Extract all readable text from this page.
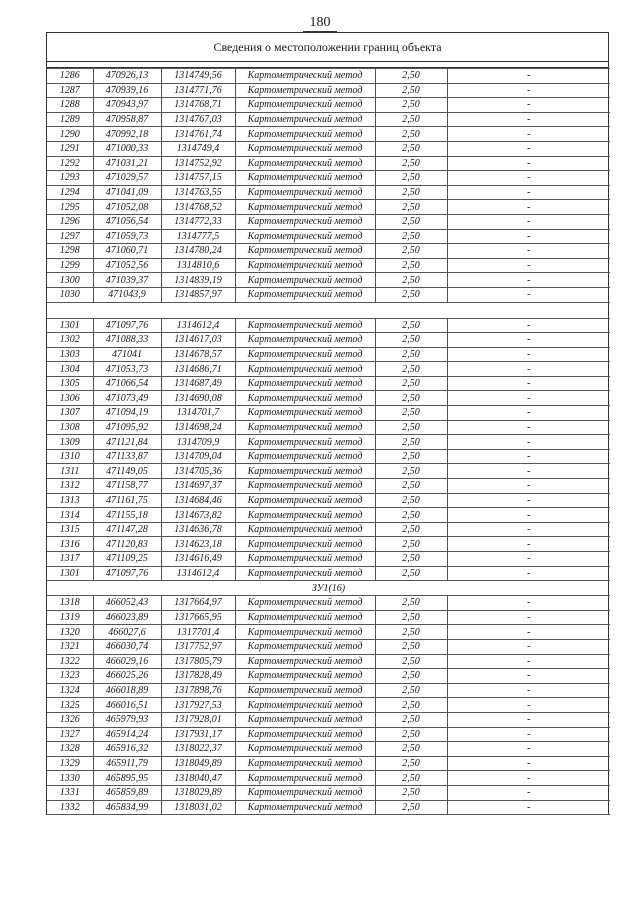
180
Сведения о местоположении границ объекта
1286	470926,13	1314749,56	Картометрический метод	2,50	-
1287	470939,16	1314771,76	Картометрический метод	2,50	-
1288	470943,97	1314768,71	Картометрический метод	2,50	-
1289	470958,87	1314767,03	Картометрический метод	2,50	-
1290	470992,18	1314761,74	Картометрический метод	2,50	-
1291	471000,33	1314749,4	Картометрический метод	2,50	-
1292	471031,21	1314752,92	Картометрический метод	2,50	-
1293	471029,57	1314757,15	Картометрический метод	2,50	-
1294	471041,09	1314763,55	Картометрический метод	2,50	-
1295	471052,08	1314768,52	Картометрический метод	2,50	-
1296	471056,54	1314772,33	Картометрический метод	2,50	-
1297	471059,73	1314777,5	Картометрический метод	2,50	-
1298	471060,71	1314780,24	Картометрический метод	2,50	-
1299	471052,56	1314810,6	Картометрический метод	2,50	-
1300	471039,37	1314839,19	Картометрический метод	2,50	-
1030	471043,9	1314857,97	Картометрический метод	2,50	-

1301	471097,76	1314612,4	Картометрический метод	2,50	-
1302	471088,33	1314617,03	Картометрический метод	2,50	-
1303	471041	1314678,57	Картометрический метод	2,50	-
1304	471053,73	1314686,71	Картометрический метод	2,50	-
1305	471066,54	1314687,49	Картометрический метод	2,50	-
1306	471073,49	1314690,08	Картометрический метод	2,50	-
1307	471094,19	1314701,7	Картометрический метод	2,50	-
1308	471095,92	1314698,24	Картометрический метод	2,50	-
1309	471121,84	1314709,9	Картометрический метод	2,50	-
1310	471133,87	1314709,04	Картометрический метод	2,50	-
1311	471149,05	1314705,36	Картометрический метод	2,50	-
1312	471158,77	1314697,37	Картометрический метод	2,50	-
1313	471161,75	1314684,46	Картометрический метод	2,50	-
1314	471155,18	1314673,82	Картометрический метод	2,50	-
1315	471147,28	1314636,78	Картометрический метод	2,50	-
1316	471120,83	1314623,18	Картометрический метод	2,50	-
1317	471109,25	1314616,49	Картометрический метод	2,50	-
1301	471097,76	1314612,4	Картометрический метод	2,50	-
ЗУ1(16)					
1318	466052,43	1317664,97	Картометрический метод	2,50	-
1319	466023,89	1317665,95	Картометрический метод	2,50	-
1320	466027,6	1317701,4	Картометрический метод	2,50	-
1321	466030,74	1317752,97	Картометрический метод	2,50	-
1322	466029,16	1317805,79	Картометрический метод	2,50	-
1323	466025,26	1317828,49	Картометрический метод	2,50	-
1324	466018,89	1317898,76	Картометрический метод	2,50	-
1325	466016,51	1317927,53	Картометрический метод	2,50	-
1326	465979,93	1317928,01	Картометрический метод	2,50	-
1327	465914,24	1317931,17	Картометрический метод	2,50	-
1328	465916,32	1318022,37	Картометрический метод	2,50	-
1329	465911,79	1318049,89	Картометрический метод	2,50	-
1330	465895,95	1318040,47	Картометрический метод	2,50	-
1331	465859,89	1318029,89	Картометрический метод	2,50	-
1332	465834,99	1318031,02	Картометрический метод	2,50	-
